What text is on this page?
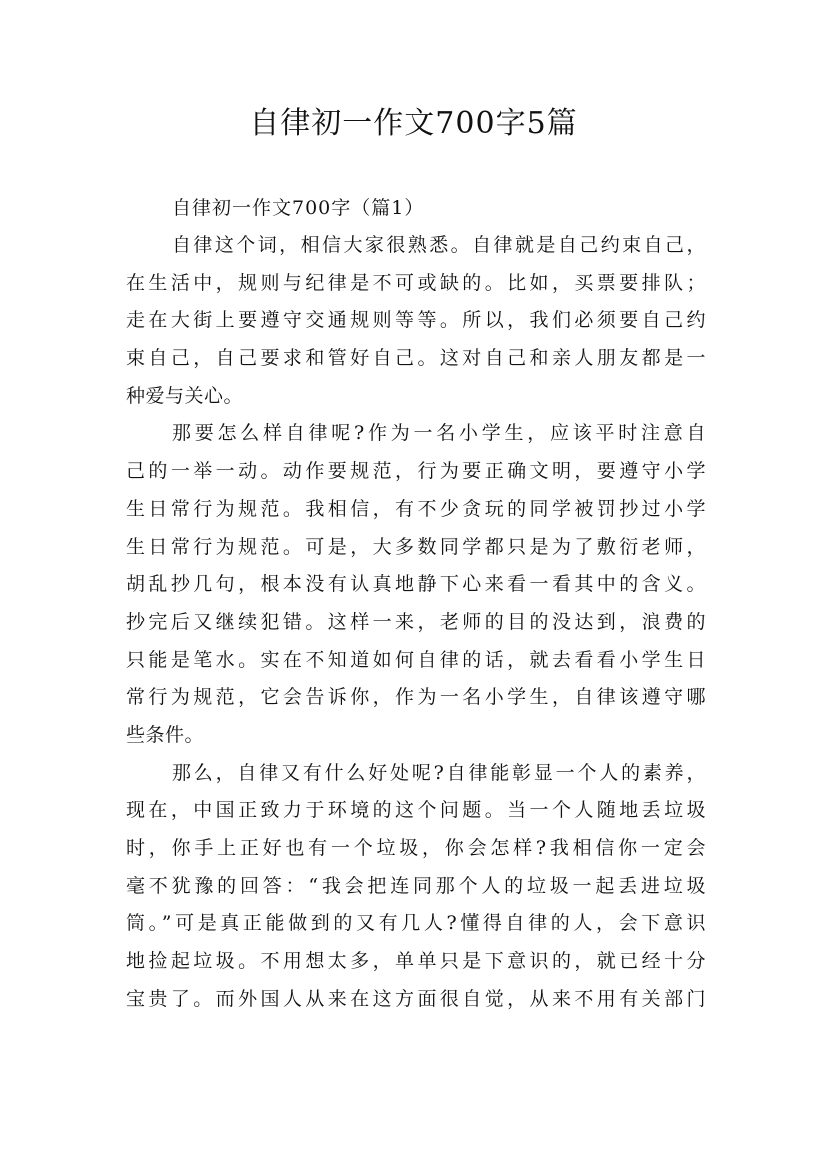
自律初一作文700字5篇

自律初一作文700字（篇1）

自律这个词，相信大家很熟悉。自律就是自己约束自己，
在生活中，规则与纪律是不可或缺的。比如，买票要排队；
走在大街上要遵守交通规则等等。所以，我们必须要自己约
束自己，自己要求和管好自己。这对自己和亲人朋友都是一
种爱与关心。
那要怎么样自律呢?作为一名小学生，应该平时注意自
己的一举一动。动作要规范，行为要正确文明，要遵守小学
生日常行为规范。我相信，有不少贪玩的同学被罚抄过小学
生日常行为规范。可是，大多数同学都只是为了敷衍老师，
胡乱抄几句，根本没有认真地静下心来看一看其中的含义。
抄完后又继续犯错。这样一来，老师的目的没达到，浪费的
只能是笔水。实在不知道如何自律的话，就去看看小学生日
常行为规范，它会告诉你，作为一名小学生，自律该遵守哪
些条件。
那么，自律又有什么好处呢?自律能彰显一个人的素养，
现在，中国正致力于环境的这个问题。当一个人随地丢垃圾
时，你手上正好也有一个垃圾，你会怎样?我相信你一定会
毫不犹豫的回答：“我会把连同那个人的垃圾一起丢进垃圾
筒。”可是真正能做到的又有几人?懂得自律的人，会下意识
地捡起垃圾。不用想太多，单单只是下意识的，就已经十分
宝贵了。而外国人从来在这方面很自觉，从来不用有关部门
